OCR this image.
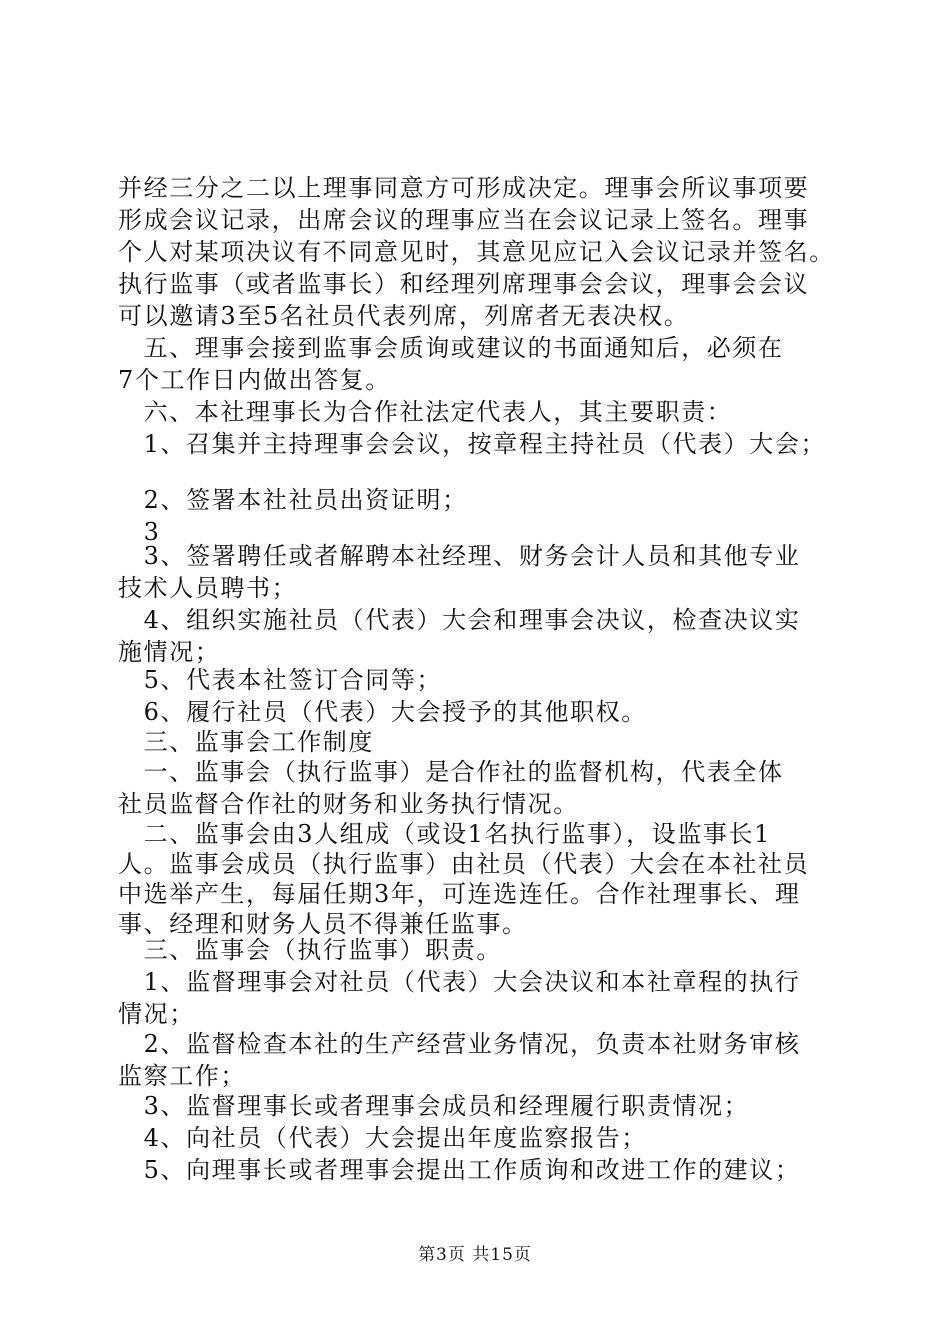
并经三分之二以上理事同意方可形成决定。理事会所议事项要
形成会议记录，出席会议的理事应当在会议记录上签名。理事
个人对某项决议有不同意见时，其意见应记入会议记录并签名。
执行监事（或者监事长）和经理列席理事会会议，理事会会议
可以邀请3至5名社员代表列席，列席者无表决权。
　五、理事会接到监事会质询或建议的书面通知后，必须在
7个工作日内做出答复。
　六、本社理事长为合作社法定代表人，其主要职责：
　1、召集并主持理事会会议，按章程主持社员（代表）大会；
　2、签署本社社员出资证明；
　3
　3、签署聘任或者解聘本社经理、财务会计人员和其他专业
技术人员聘书；
　4、组织实施社员（代表）大会和理事会决议，检查决议实
施情况；
　5、代表本社签订合同等；
　6、履行社员（代表）大会授予的其他职权。
　三、监事会工作制度
　一、监事会（执行监事）是合作社的监督机构，代表全体
社员监督合作社的财务和业务执行情况。
　二、监事会由3人组成（或设1名执行监事），设监事长1
人。监事会成员（执行监事）由社员（代表）大会在本社社员
中选举产生，每届任期3年，可连选连任。合作社理事长、理
事、经理和财务人员不得兼任监事。
　三、监事会（执行监事）职责。
　1、监督理事会对社员（代表）大会决议和本社章程的执行
情况；
　2、监督检查本社的生产经营业务情况，负责本社财务审核
监察工作；
　3、监督理事长或者理事会成员和经理履行职责情况；
　4、向社员（代表）大会提出年度监察报告；
　5、向理事长或者理事会提出工作质询和改进工作的建议；
第3页 共15页
